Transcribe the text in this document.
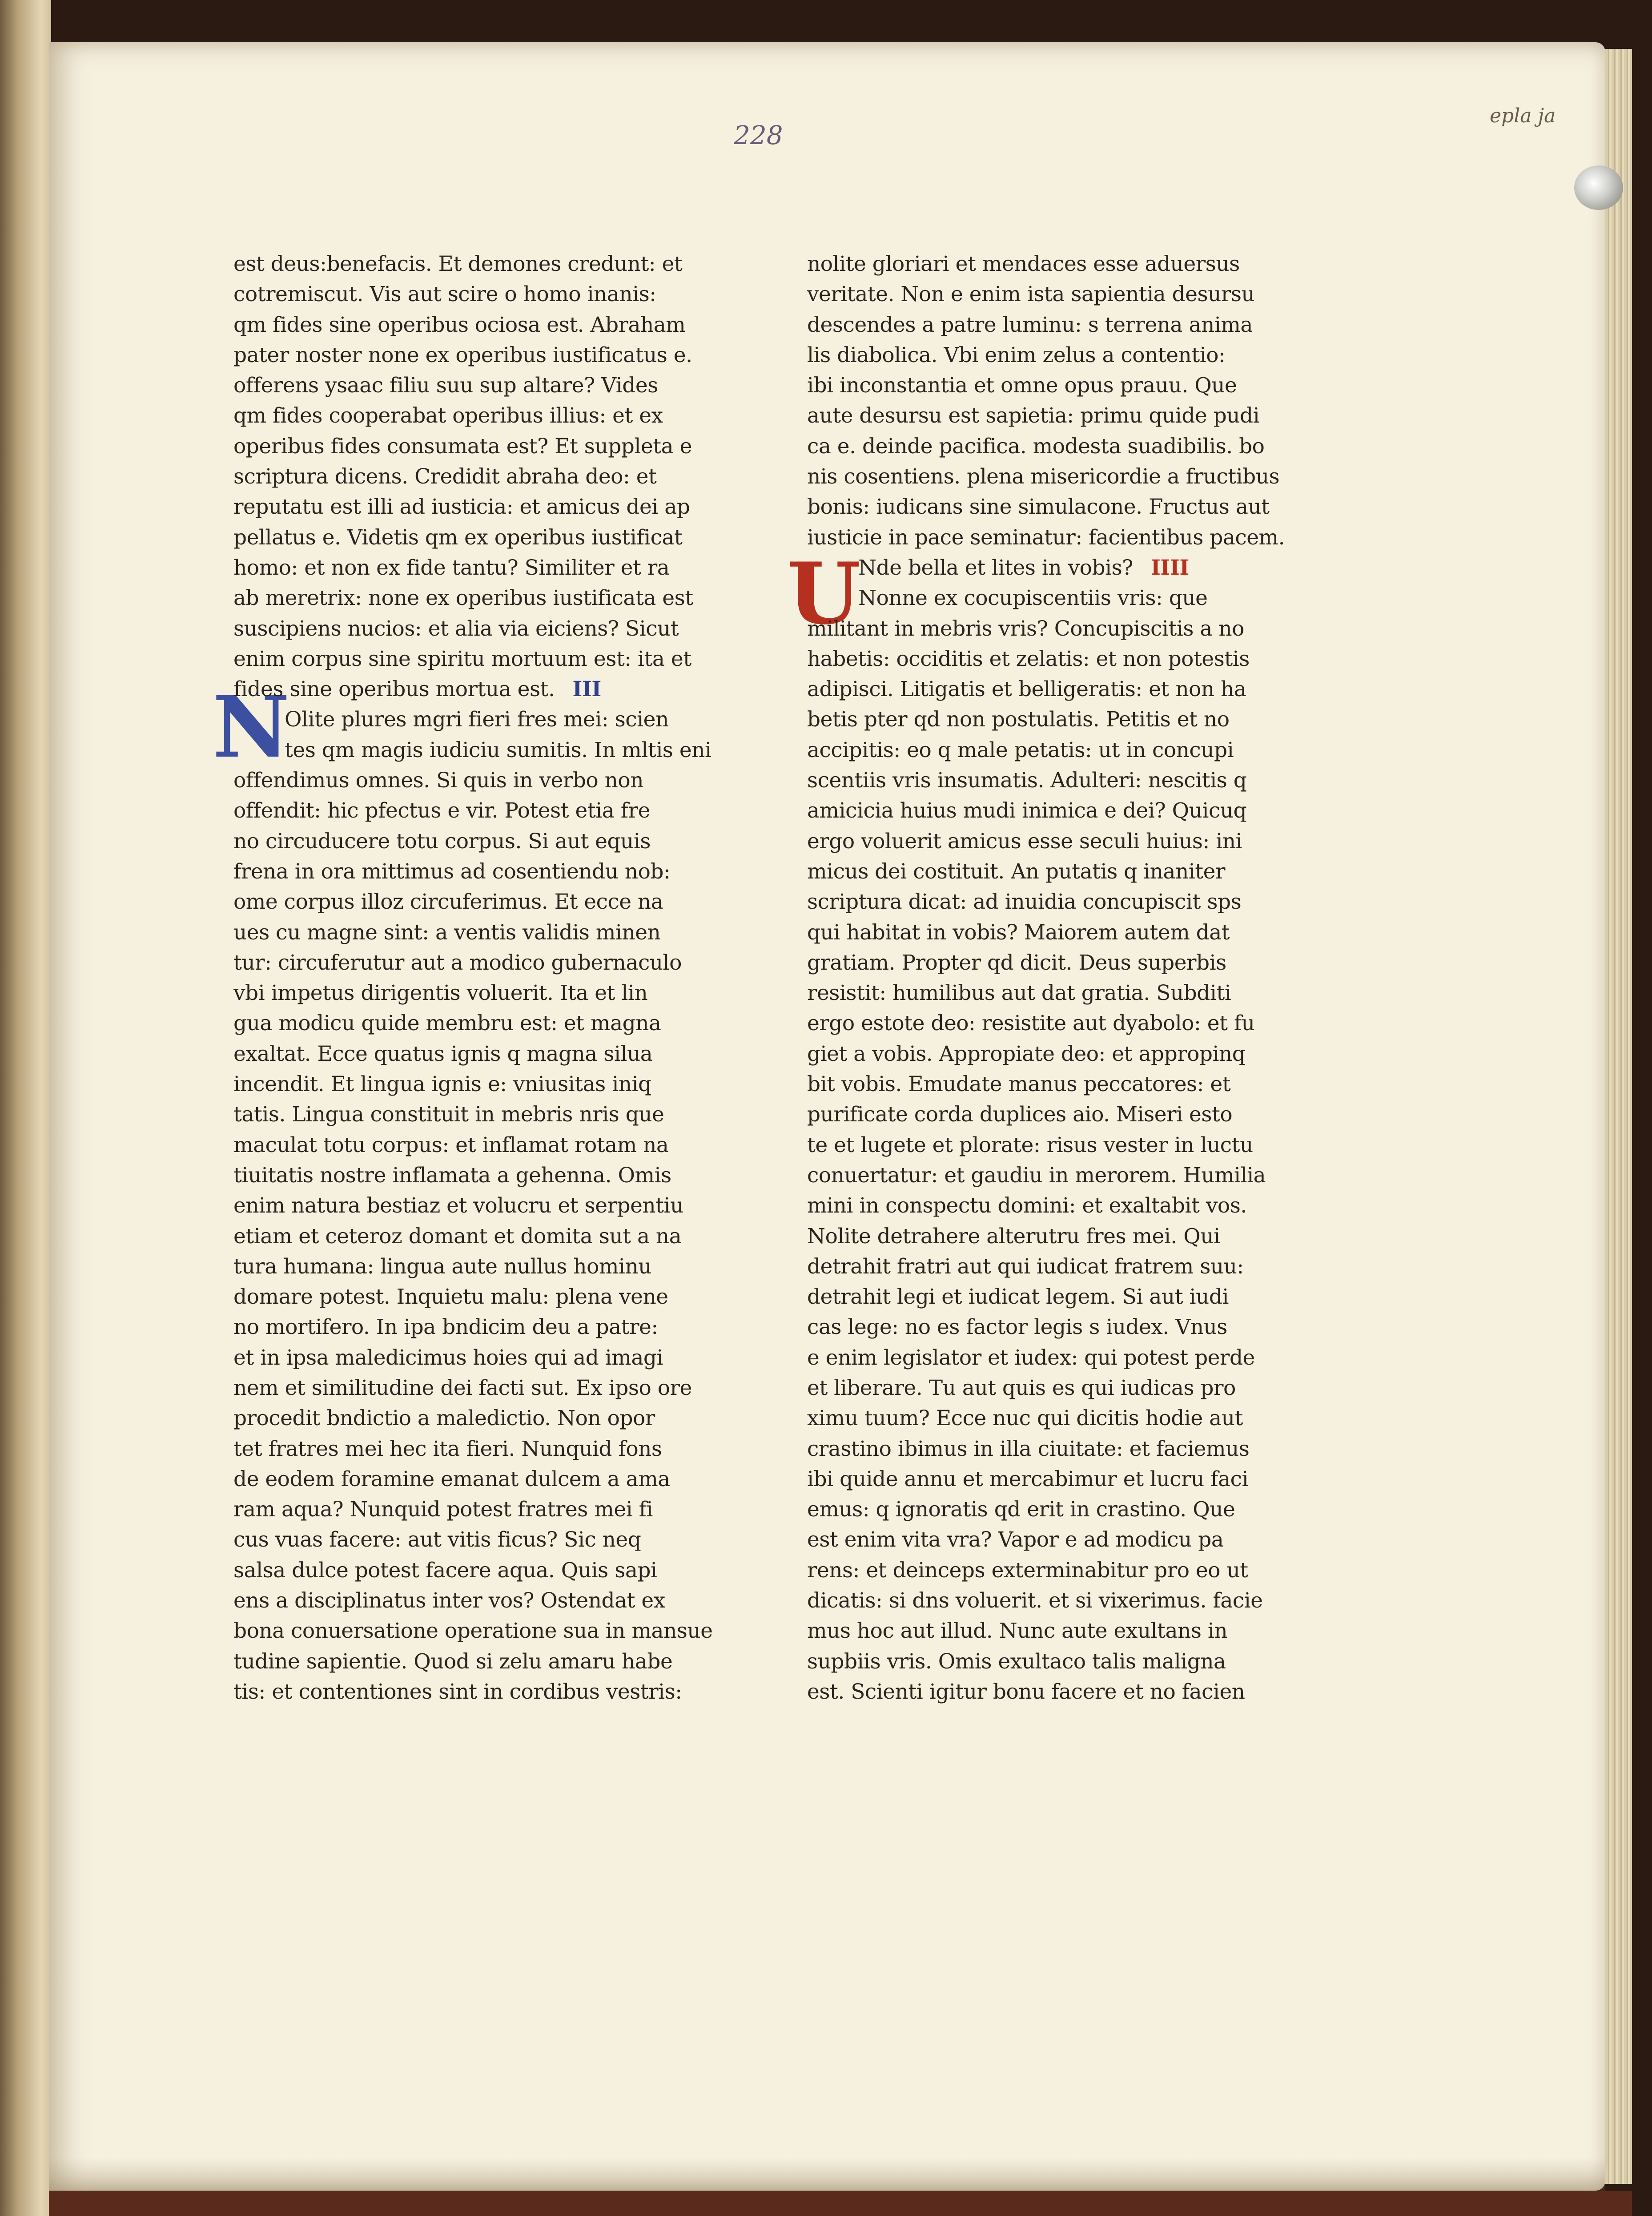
228
epla ja
N
U
est deus:benefacis. Et demones credunt: et
cotremiscut. Vis aut scire o homo inanis:
qm fides sine operibus ociosa est. Abraham
pater noster none ex operibus iustificatus e.
offerens ysaac filiu suu sup altare? Vides
qm fides cooperabat operibus illius: et ex
operibus fides consumata est? Et suppleta e
scriptura dicens. Credidit abraha deo: et
reputatu est illi ad iusticia: et amicus dei ap
pellatus e. Videtis qm ex operibus iustificat
homo: et non ex fide tantu? Similiter et ra
ab meretrix: none ex operibus iustificata est
suscipiens nucios: et alia via eiciens? Sicut
enim corpus sine spiritu mortuum est: ita et
fides sine operibus mortua est. III
Olite plures mgri fieri fres mei: scien
tes qm magis iudiciu sumitis. In mltis eni
offendimus omnes. Si quis in verbo non
offendit: hic pfectus e vir. Potest etia fre
no circuducere totu corpus. Si aut equis
frena in ora mittimus ad cosentiendu nob:
ome corpus illoz circuferimus. Et ecce na
ues cu magne sint: a ventis validis minen
tur: circuferutur aut a modico gubernaculo
vbi impetus dirigentis voluerit. Ita et lin
gua modicu quide membru est: et magna
exaltat. Ecce quatus ignis q magna silua
incendit. Et lingua ignis e: vniusitas iniq
tatis. Lingua constituit in mebris nris que
maculat totu corpus: et inflamat rotam na
tiuitatis nostre inflamata a gehenna. Omis
enim natura bestiaz et volucru et serpentiu
etiam et ceteroz domant et domita sut a na
tura humana: lingua aute nullus hominu
domare potest. Inquietu malu: plena vene
no mortifero. In ipa bndicim deu a patre:
et in ipsa maledicimus hoies qui ad imagi
nem et similitudine dei facti sut. Ex ipso ore
procedit bndictio a maledictio. Non opor
tet fratres mei hec ita fieri. Nunquid fons
de eodem foramine emanat dulcem a ama
ram aqua? Nunquid potest fratres mei fi
cus vuas facere: aut vitis ficus? Sic neq
salsa dulce potest facere aqua. Quis sapi
ens a disciplinatus inter vos? Ostendat ex
bona conuersatione operatione sua in mansue
tudine sapientie. Quod si zelu amaru habe
tis: et contentiones sint in cordibus vestris:
nolite gloriari et mendaces esse aduersus
veritate. Non e enim ista sapientia desursu
descendes a patre luminu: s terrena anima
lis diabolica. Vbi enim zelus a contentio:
ibi inconstantia et omne opus prauu. Que
aute desursu est sapietia: primu quide pudi
ca e. deinde pacifica. modesta suadibilis. bo
nis cosentiens. plena misericordie a fructibus
bonis: iudicans sine simulacone. Fructus aut
iusticie in pace seminatur: facientibus pacem.
Nde bella et lites in vobis? IIII
Nonne ex cocupiscentiis vris: que
militant in mebris vris? Concupiscitis a no
habetis: occiditis et zelatis: et non potestis
adipisci. Litigatis et belligeratis: et non ha
betis pter qd non postulatis. Petitis et no
accipitis: eo q male petatis: ut in concupi
scentiis vris insumatis. Adulteri: nescitis q
amicicia huius mudi inimica e dei? Quicuq
ergo voluerit amicus esse seculi huius: ini
micus dei costituit. An putatis q inaniter
scriptura dicat: ad inuidia concupiscit sps
qui habitat in vobis? Maiorem autem dat
gratiam. Propter qd dicit. Deus superbis
resistit: humilibus aut dat gratia. Subditi
ergo estote deo: resistite aut dyabolo: et fu
giet a vobis. Appropiate deo: et appropinq
bit vobis. Emudate manus peccatores: et
purificate corda duplices aio. Miseri esto
te et lugete et plorate: risus vester in luctu
conuertatur: et gaudiu in merorem. Humilia
mini in conspectu domini: et exaltabit vos.
Nolite detrahere alterutru fres mei. Qui
detrahit fratri aut qui iudicat fratrem suu:
detrahit legi et iudicat legem. Si aut iudi
cas lege: no es factor legis s iudex. Vnus
e enim legislator et iudex: qui potest perde
et liberare. Tu aut quis es qui iudicas pro
ximu tuum? Ecce nuc qui dicitis hodie aut
crastino ibimus in illa ciuitate: et faciemus
ibi quide annu et mercabimur et lucru faci
emus: q ignoratis qd erit in crastino. Que
est enim vita vra? Vapor e ad modicu pa
rens: et deinceps exterminabitur pro eo ut
dicatis: si dns voluerit. et si vixerimus. facie
mus hoc aut illud. Nunc aute exultans in
supbiis vris. Omis exultaco talis maligna
est. Scienti igitur bonu facere et no facien
